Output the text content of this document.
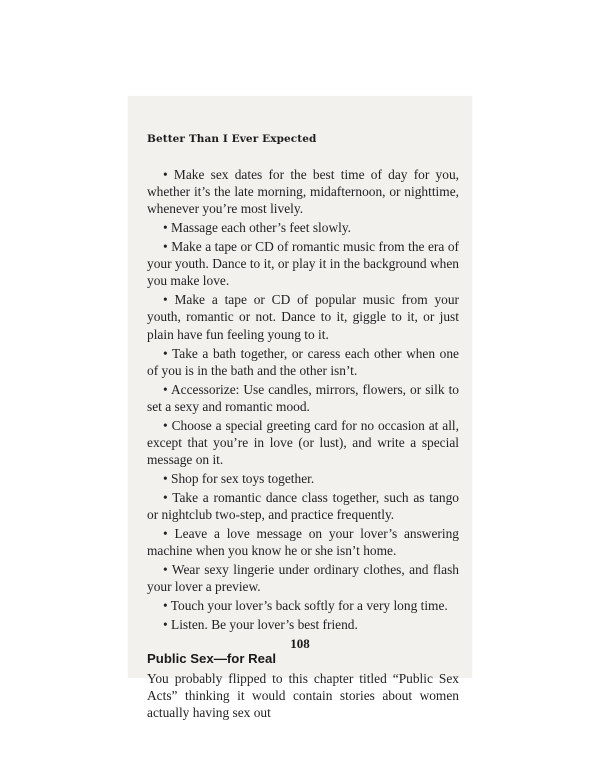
Better Than I Ever Expected

• Make sex dates for the best time of day for you, whether it’s the late morning, midafternoon, or nighttime, whenever you’re most lively.

• Massage each other’s feet slowly.

• Make a tape or CD of romantic music from the era of your youth. Dance to it, or play it in the background when you make love.

• Make a tape or CD of popular music from your youth, romantic or not. Dance to it, giggle to it, or just plain have fun feeling young to it.

• Take a bath together, or caress each other when one of you is in the bath and the other isn’t.

• Accessorize: Use candles, mirrors, flowers, or silk to set a sexy and romantic mood.

• Choose a special greeting card for no occasion at all, except that you’re in love (or lust), and write a special message on it.

• Shop for sex toys together.

• Take a romantic dance class together, such as tango or nightclub two-step, and practice frequently.

• Leave a love message on your lover’s answering machine when you know he or she isn’t home.

• Wear sexy lingerie under ordinary clothes, and flash your lover a preview.

• Touch your lover’s back softly for a very long time.

• Listen. Be your lover’s best friend.

Public Sex—for Real

You probably flipped to this chapter titled “Public Sex Acts” thinking it would contain stories about women actually having sex out

108
